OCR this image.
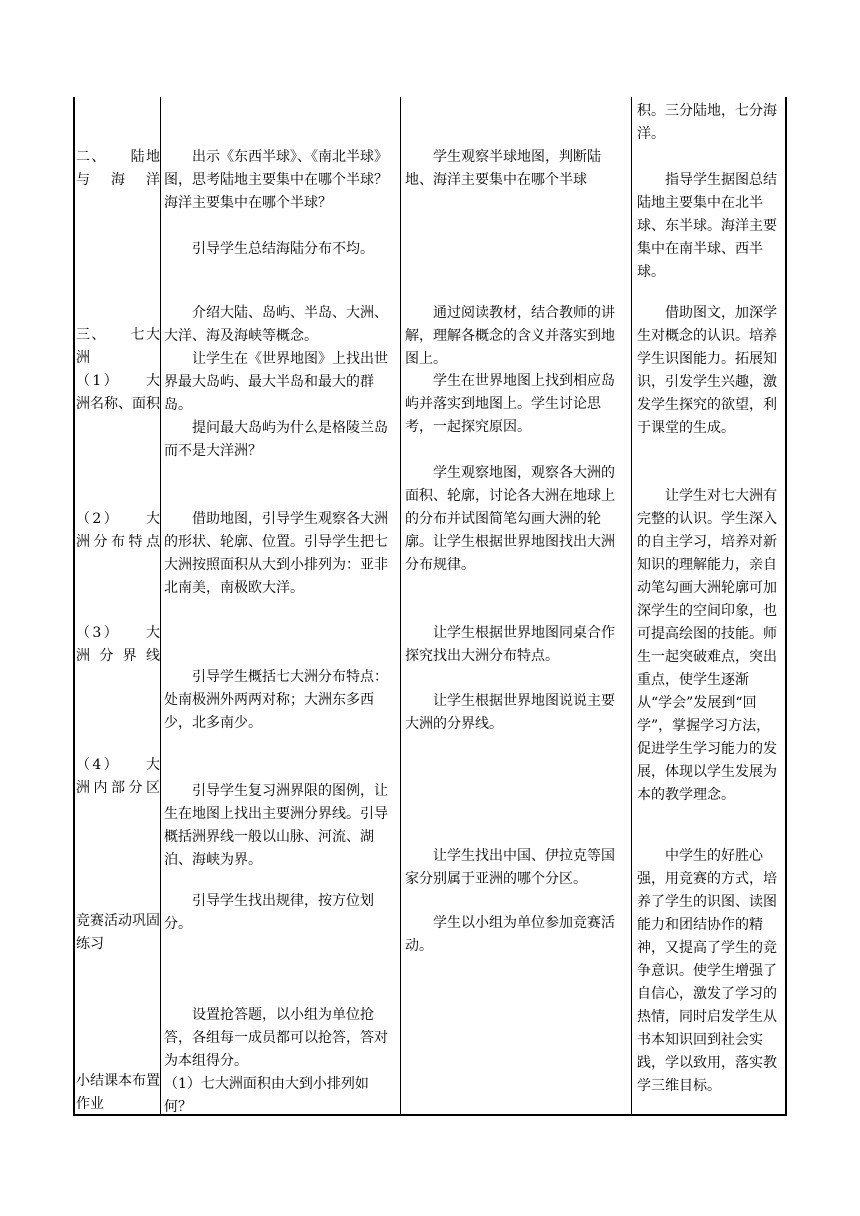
二、　　陆地与海洋
三、　　七大洲
（1）　　大洲名称、面积
（2）　　大洲分布特点
（3）　　大洲分界线
（4）　　大洲内部分区
竞赛活动巩固练习
小结课本布置作业
出示《东西半球》、《南北半球》图，思考陆地主要集中在哪个半球？海洋主要集中在哪个半球？
引导学生总结海陆分布不均。
介绍大陆、岛屿、半岛、大洲、大洋、海及海峡等概念。
让学生在《世界地图》上找出世界最大岛屿、最大半岛和最大的群岛。
提问最大岛屿为什么是格陵兰岛而不是大洋洲？
借助地图，引导学生观察各大洲的形状、轮廓、位置。引导学生把七大洲按照面积从大到小排列为：亚非北南美，南极欧大洋。
引导学生概括七大洲分布特点：处南极洲外两两对称；大洲东多西少，北多南少。
引导学生复习洲界限的图例，让生在地图上找出主要洲分界线。引导概括洲界线一般以山脉、河流、湖泊、海峡为界。
引导学生找出规律，按方位划分。
设置抢答题，以小组为单位抢答，各组每一成员都可以抢答，答对为本组得分。
（1）七大洲面积由大到小排列如何？
学生观察半球地图，判断陆地、海洋主要集中在哪个半球
通过阅读教材，结合教师的讲解，理解各概念的含义并落实到地图上。
学生在世界地图上找到相应岛屿并落实到地图上。学生讨论思考，一起探究原因。
学生观察地图，观察各大洲的面积、轮廓，讨论各大洲在地球上的分布并试图简笔勾画大洲的轮廓。让学生根据世界地图找出大洲分布规律。
让学生根据世界地图同桌合作探究找出大洲分布特点。
让学生根据世界地图说说主要大洲的分界线。
让学生找出中国、伊拉克等国家分别属于亚洲的哪个分区。
学生以小组为单位参加竞赛活动。
积。三分陆地，七分海洋。
指导学生据图总结陆地主要集中在北半球、东半球。海洋主要集中在南半球、西半球。
借助图文，加深学生对概念的认识。培养学生识图能力。拓展知识，引发学生兴趣，激发学生探究的欲望，利于课堂的生成。
让学生对七大洲有完整的认识。学生深入的自主学习，培养对新知识的理解能力，亲自动笔勾画大洲轮廓可加深学生的空间印象，也可提高绘图的技能。师生一起突破难点，突出重点，使学生逐渐从“学会”发展到“回学”，掌握学习方法，促进学生学习能力的发展，体现以学生发展为本的教学理念。
中学生的好胜心强，用竞赛的方式，培养了学生的识图、读图能力和团结协作的精神，又提高了学生的竞争意识。使学生增强了自信心，激发了学习的热情，同时启发学生从书本知识回到社会实践，学以致用，落实教学三维目标。
